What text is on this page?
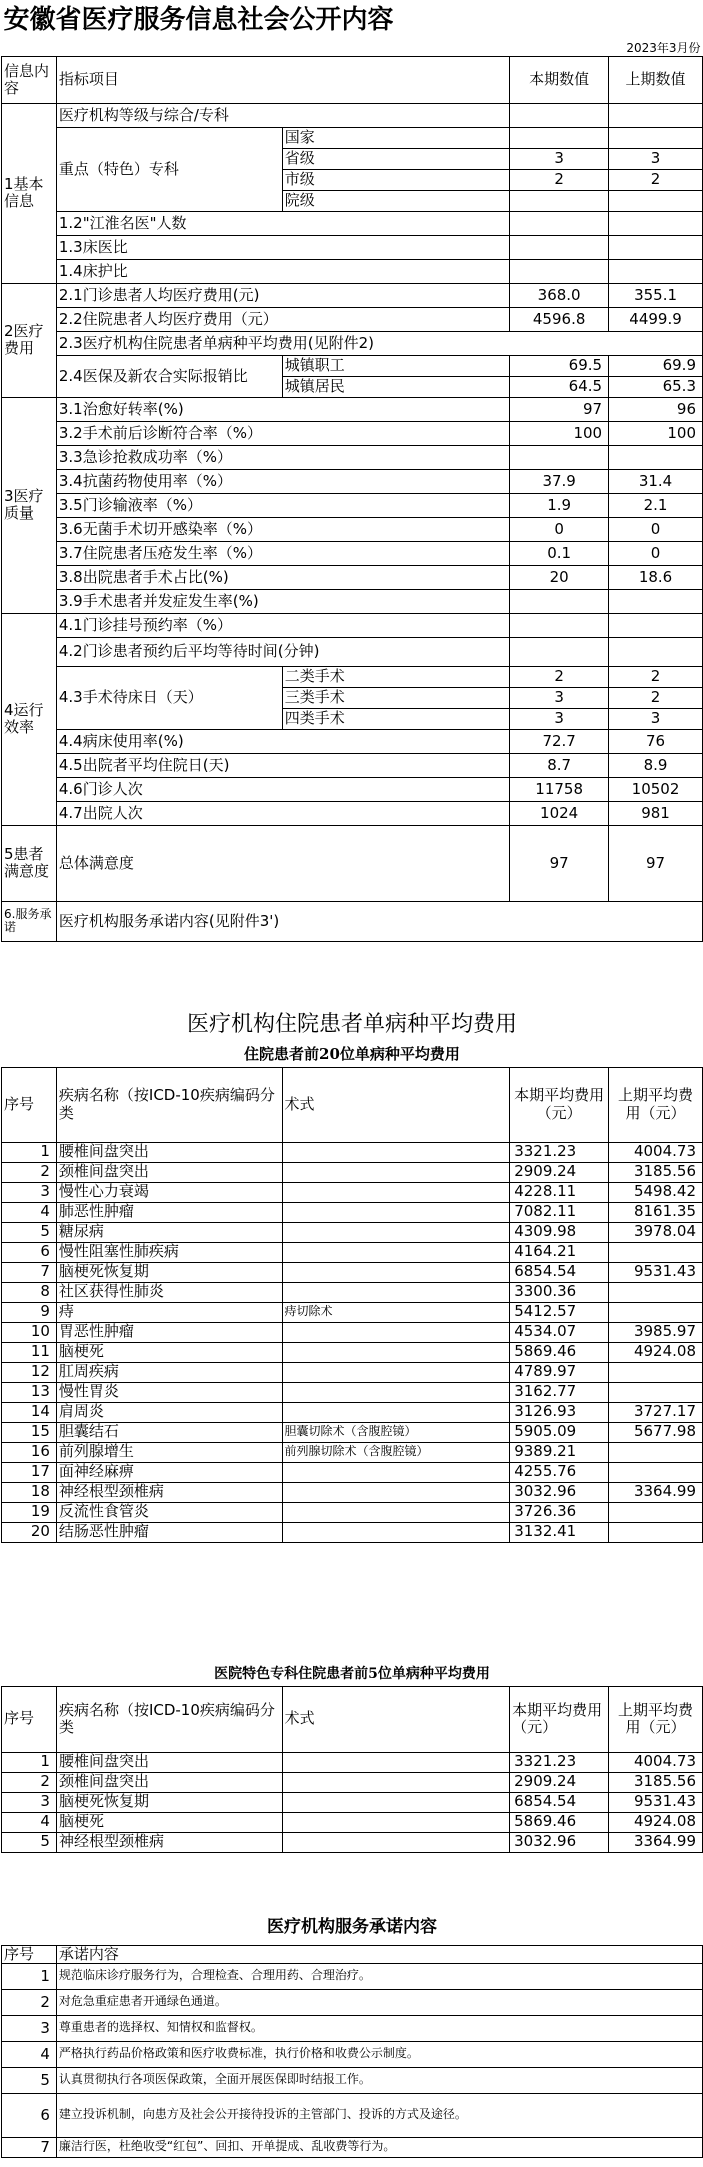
安徽省医疗服务信息社会公开内容				
2023年3月份				
信息内容	指标项目		本期数值	上期数值
1基本信息	医疗机构等级与综合/专科			
	重点（特色）专科	国家		
		省级	3	3
		市级	2	2
		院级		
	1.2"江淮名医"人数			
	1.3床医比			
	1.4床护比			
2医疗费用	2.1门诊患者人均医疗费用(元)		368.0	355.1
	2.2住院患者人均医疗费用（元）		4596.8	4499.9
	2.3医疗机构住院患者单病种平均费用(见附件2)			
	2.4医保及新农合实际报销比	城镇职工	69.5	69.9
		城镇居民	64.5	65.3
3医疗质量	3.1治愈好转率(%)		97	96
	3.2手术前后诊断符合率（%）		100	100
	3.3急诊抢救成功率（%）			
	3.4抗菌药物使用率（%）		37.9	31.4
	3.5门诊输液率（%）		1.9	2.1
	3.6无菌手术切开感染率（%）		0	0
	3.7住院患者压疮发生率（%）		0.1	0
	3.8出院患者手术占比(%)		20	18.6
	3.9手术患者并发症发生率(%)			
4运行效率	4.1门诊挂号预约率（%）			
	4.2门诊患者预约后平均等待时间(分钟)			
	4.3手术待床日（天）	二类手术	2	2
		三类手术	3	2
		四类手术	3	3
	4.4病床使用率(%)		72.7	76
	4.5出院者平均住院日(天)		8.7	8.9
	4.6门诊人次		11758	10502
	4.7出院人次		1024	981
5患者满意度	总体满意度		97	97
6.服务承诺	医疗机构服务承诺内容(见附件3')			
医疗机构住院患者单病种平均费用				
住院患者前20位单病种平均费用				
序号	疾病名称（按ICD-10疾病编码分类	术式	本期平均费用（元）	上期平均费用（元）
1	腰椎间盘突出		3321.23	4004.73
2	颈椎间盘突出		2909.24	3185.56
3	慢性心力衰竭		4228.11	5498.42
4	肺恶性肿瘤		7082.11	8161.35
5	糖尿病		4309.98	3978.04
6	慢性阻塞性肺疾病		4164.21	
7	脑梗死恢复期		6854.54	9531.43
8	社区获得性肺炎		3300.36	
9	痔	痔切除术	5412.57	
10	胃恶性肿瘤		4534.07	3985.97
11	脑梗死		5869.46	4924.08
12	肛周疾病		4789.97	
13	慢性胃炎		3162.77	
14	肩周炎		3126.93	3727.17
15	胆囊结石	胆囊切除术（含腹腔镜）	5905.09	5677.98
16	前列腺增生	前列腺切除术（含腹腔镜）	9389.21	
17	面神经麻痹		4255.76	
18	神经根型颈椎病		3032.96	3364.99
19	反流性食管炎		3726.36	
20	结肠恶性肿瘤		3132.41	
医院特色专科住院患者前5位单病种平均费用				
序号	疾病名称（按ICD-10疾病编码分类	术式	本期平均费用（元）	上期平均费用（元）
1	腰椎间盘突出		3321.23	4004.73
2	颈椎间盘突出		2909.24	3185.56
3	脑梗死恢复期		6854.54	9531.43
4	脑梗死		5869.46	4924.08
5	神经根型颈椎病		3032.96	3364.99
医疗机构服务承诺内容	
序号	承诺内容
1	规范临床诊疗服务行为，合理检查、合理用药、合理治疗。
2	对危急重症患者开通绿色通道。
3	尊重患者的选择权、知情权和监督权。
4	严格执行药品价格政策和医疗收费标准，执行价格和收费公示制度。
5	认真贯彻执行各项医保政策，全面开展医保即时结报工作。
6	建立投诉机制，向患方及社会公开接待投诉的主管部门、投诉的方式及途径。
7	廉洁行医，杜绝收受“红包”、回扣、开单提成、乱收费等行为。
